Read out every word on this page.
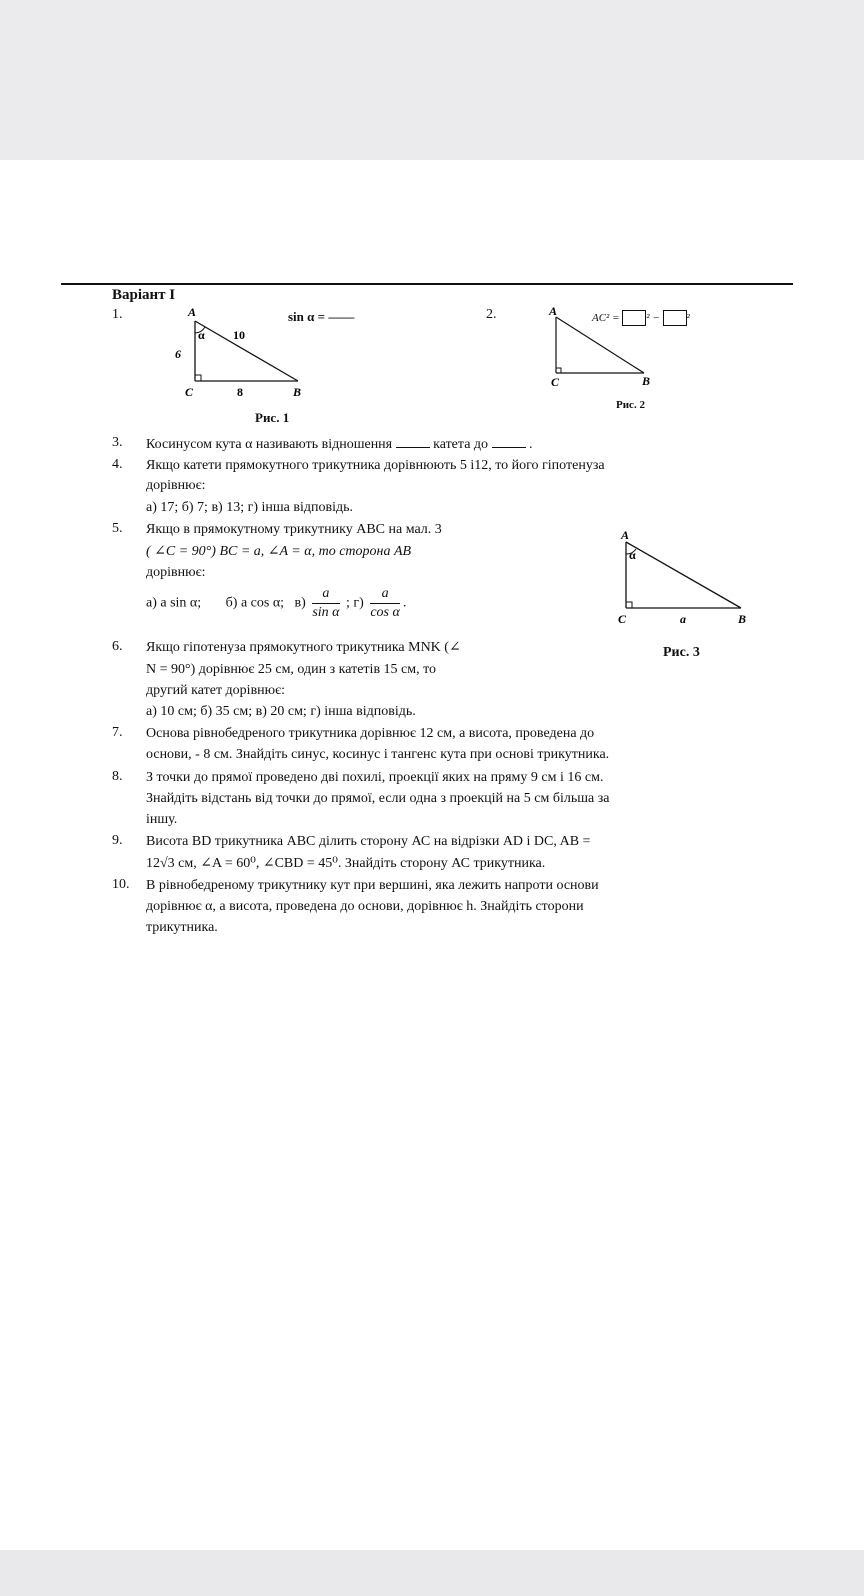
Варіант I
1.	A
α 10
6
C	8	B
sin α = ——
Рис. 1
2.	A
C	B
AC² = ² − ²
Рис. 2
3. Косинусом кута α називають відношення	катета до	.
4. Якщо катети прямокутного трикутника дорівнюють 5 і12, то його гіпотенуза
дорівнює:
а) 17; б) 7; в) 13; г) інша відповідь.
5. Якщо в прямокутному трикутнику АВС на мал. 3
( ∠C = 90°) BC = a, ∠A = α, то сторона AB
дорівнює:
а) a sin α; б) a cos α; $в) \frac{a}{\text{sin α}}$ ; $г) \frac{a}{\text{cos α}}$ .
A
α
C	a	B
Рис. 3
6. Якщо гіпотенуза прямокутного трикутника MNK (∠
N = 90°) дорівнює 25 см, один з катетів 15 см, то
другий катет дорівнює:
а) 10 см; б) 35 см; в) 20 см; г) інша відповідь.
7. Основа рівнобедреного трикутника дорівнює 12 см, а висота, проведена до
основи, - 8 см. Знайдіть синус, косинус і тангенс кута при основі трикутника.
8. З точки до прямої проведено дві похилі, проекції яких на пряму 9 см і 16 см.
Знайдіть відстань від точки до прямої, если одна з проекцій на 5 см більша за
іншу.
9. Висота BD трикутника АВС ділить сторону АС на відрізки AD і DC, AB =
12√3 см, ∠A = 60⁰, ∠CBD = 45⁰. Знайдіть сторону АС трикутника.
10. В рівнобедреному трикутнику кут при вершині, яка лежить напроти основи
дорівнює α, а висота, проведена до основи, дорівнює h. Знайдіть сторони
трикутника.
